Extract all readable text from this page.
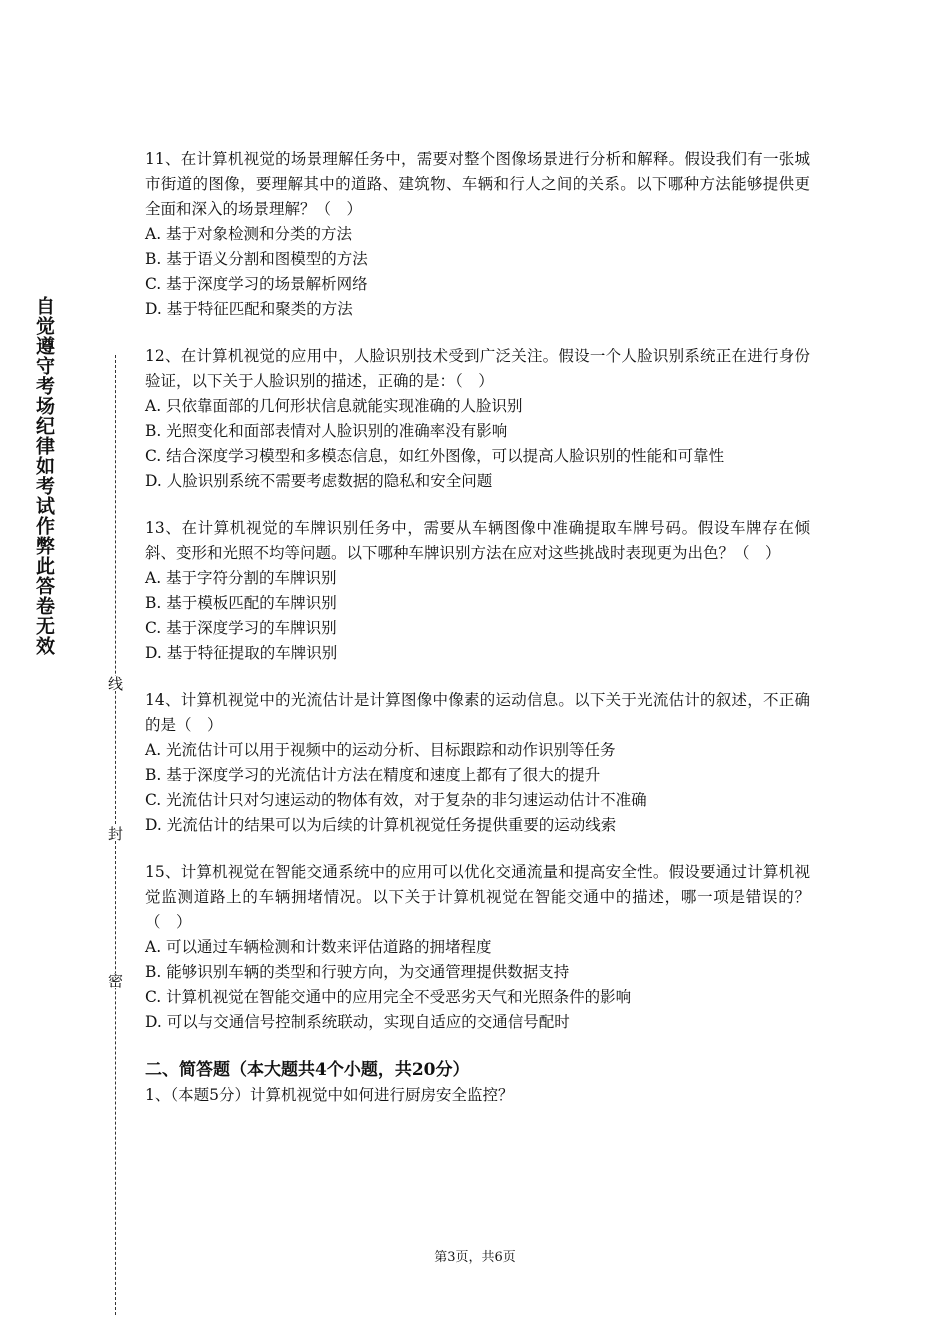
自觉遵守考场纪律如考试作弊此答卷无效
线
封
密
11、在计算机视觉的场景理解任务中，需要对整个图像场景进行分析和解释。假设我们有一张城市街道的图像，要理解其中的道路、建筑物、车辆和行人之间的关系。以下哪种方法能够提供更全面和深入的场景理解？（　）
A. 基于对象检测和分类的方法
B. 基于语义分割和图模型的方法
C. 基于深度学习的场景解析网络
D. 基于特征匹配和聚类的方法
12、在计算机视觉的应用中，人脸识别技术受到广泛关注。假设一个人脸识别系统正在进行身份验证，以下关于人脸识别的描述，正确的是：（　）
A. 只依靠面部的几何形状信息就能实现准确的人脸识别
B. 光照变化和面部表情对人脸识别的准确率没有影响
C. 结合深度学习模型和多模态信息，如红外图像，可以提高人脸识别的性能和可靠性
D. 人脸识别系统不需要考虑数据的隐私和安全问题
13、在计算机视觉的车牌识别任务中，需要从车辆图像中准确提取车牌号码。假设车牌存在倾斜、变形和光照不均等问题。以下哪种车牌识别方法在应对这些挑战时表现更为出色？（　）
A. 基于字符分割的车牌识别
B. 基于模板匹配的车牌识别
C. 基于深度学习的车牌识别
D. 基于特征提取的车牌识别
14、计算机视觉中的光流估计是计算图像中像素的运动信息。以下关于光流估计的叙述，不正确的是（　）
A. 光流估计可以用于视频中的运动分析、目标跟踪和动作识别等任务
B. 基于深度学习的光流估计方法在精度和速度上都有了很大的提升
C. 光流估计只对匀速运动的物体有效，对于复杂的非匀速运动估计不准确
D. 光流估计的结果可以为后续的计算机视觉任务提供重要的运动线索
15、计算机视觉在智能交通系统中的应用可以优化交通流量和提高安全性。假设要通过计算机视觉监测道路上的车辆拥堵情况。以下关于计算机视觉在智能交通中的描述，哪一项是错误的？（　）
A. 可以通过车辆检测和计数来评估道路的拥堵程度
B. 能够识别车辆的类型和行驶方向，为交通管理提供数据支持
C. 计算机视觉在智能交通中的应用完全不受恶劣天气和光照条件的影响
D. 可以与交通信号控制系统联动，实现自适应的交通信号配时
二、简答题（本大题共4个小题，共20分）
1、（本题5分）计算机视觉中如何进行厨房安全监控？
第3页，共6页
